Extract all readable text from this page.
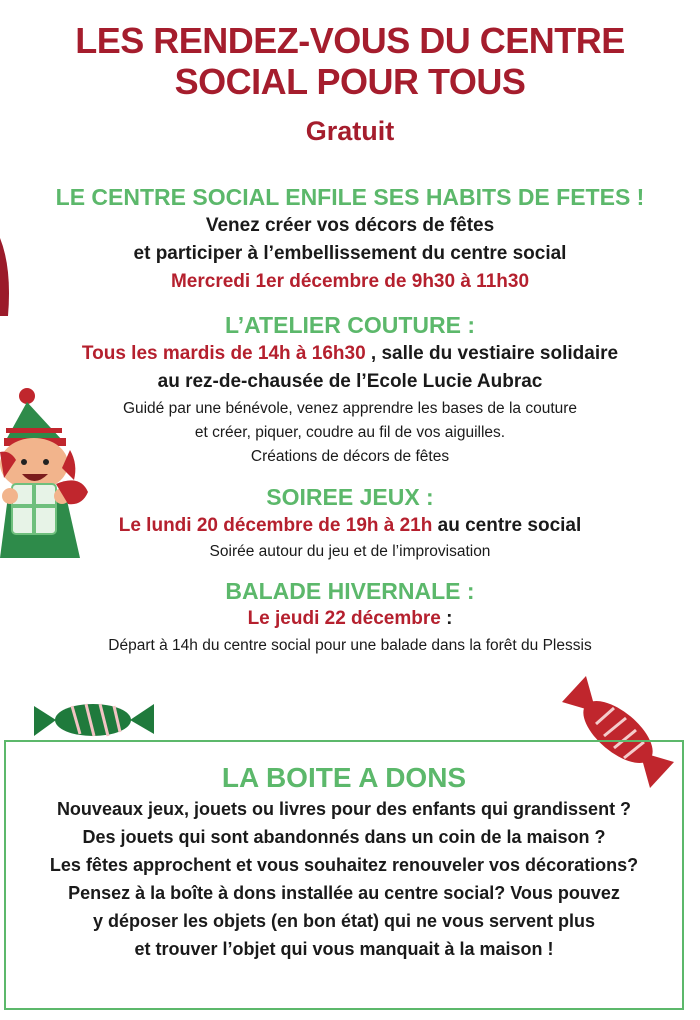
LES RENDEZ-VOUS DU CENTRE
SOCIAL POUR TOUS
Gratuit
LE CENTRE SOCIAL ENFILE SES HABITS DE FETES !
Venez créer vos décors de fêtes
et participer à l’embellissement du centre social
Mercredi 1er décembre de 9h30 à 11h30
L’ATELIER COUTURE :
Tous les mardis de 14h à 16h30 , salle du vestiaire solidaire
au rez-de-chausée de l’Ecole Lucie Aubrac
Guidé par une bénévole, venez apprendre les bases de la couture
et créer, piquer, coudre au fil de vos aiguilles.
Créations de décors de fêtes
SOIREE JEUX :
Le lundi 20 décembre de 19h à 21h au centre social
Soirée autour du jeu et de l’improvisation
BALADE HIVERNALE :
Le jeudi 22 décembre :
Départ à 14h du centre social pour une balade dans la forêt du Plessis
LA BOITE A DONS
Nouveaux jeux, jouets ou livres pour des enfants qui grandissent ?
Des jouets qui sont abandonnés dans un coin de la maison ?
Les fêtes approchent et vous souhaitez renouveler vos décorations?
Pensez à la boîte à dons installée au centre social? Vous pouvez
y déposer les objets (en bon état) qui ne vous servent plus
et trouver l’objet qui vous manquait à la maison !
